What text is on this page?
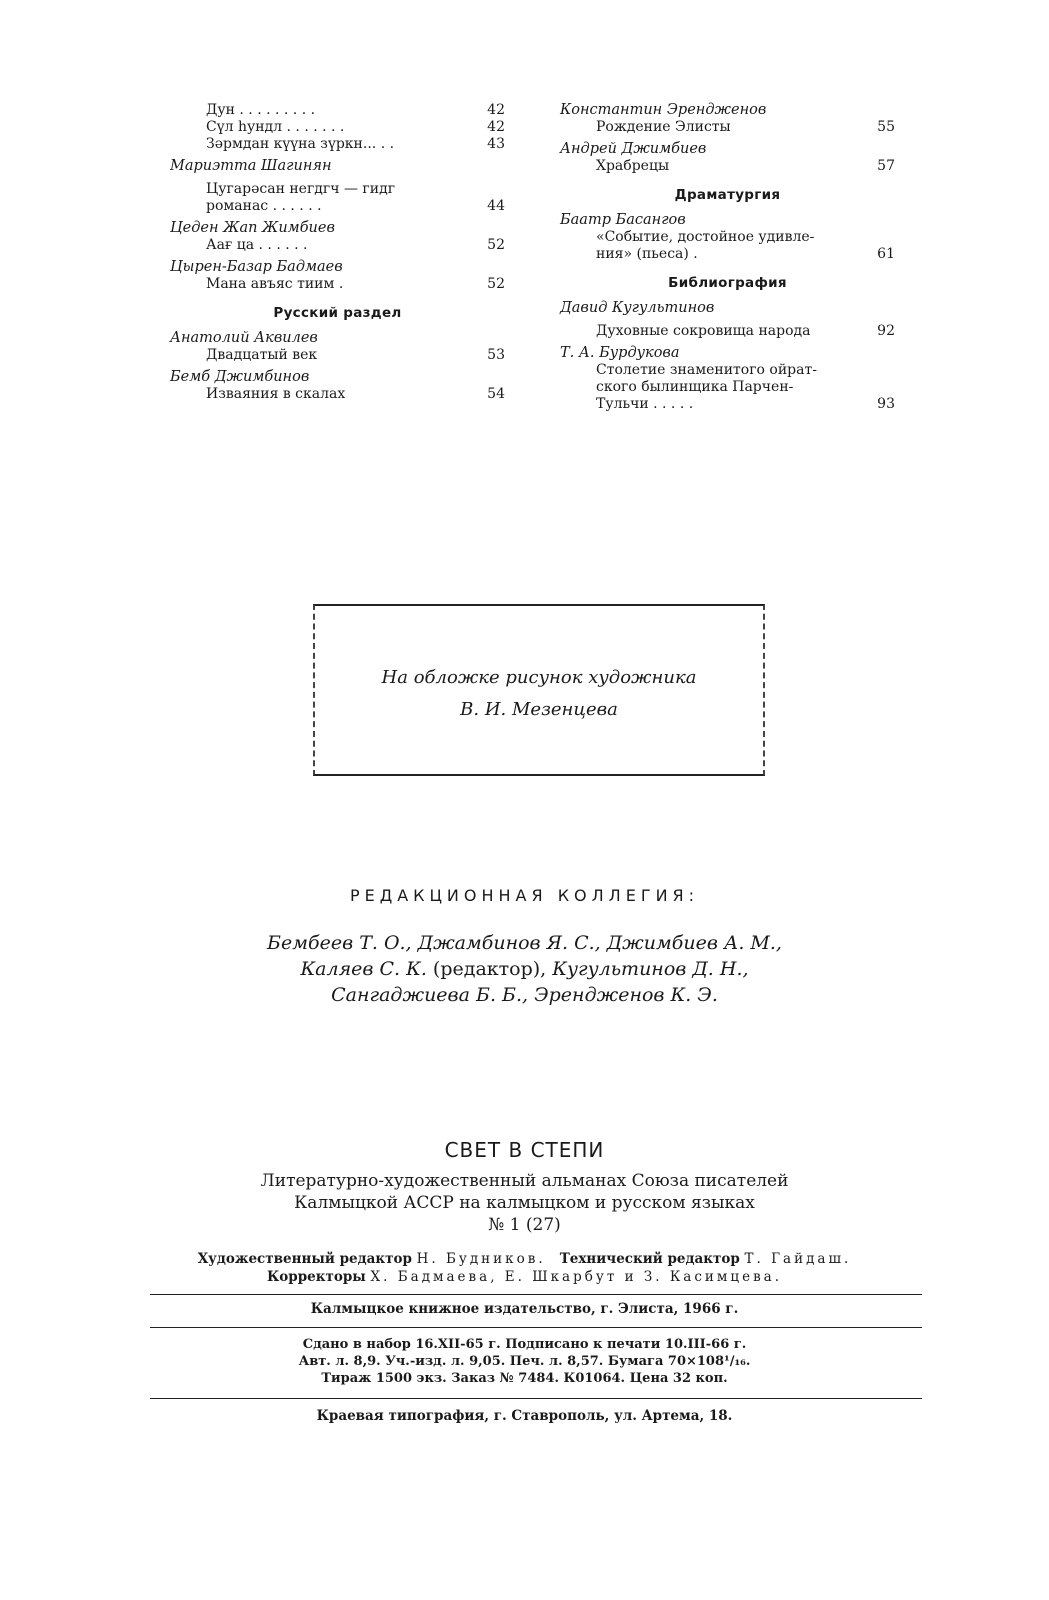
Дун . . . . . . . . .	42
Сүл һундл . . . . . . .	42
Зәрмдан күүна зүркн... . .	43
Мариэтта Шагинян
Цугарәсан негдгч — гидг
романас . . . . . .	44
Цеден Жап Жимбиев
Аағ ца . . . . . .	52
Цырен-Базар Бадмаев
Мана авъяс тиим .	52
Русский раздел
Анатолий Аквилев
Двадцатый век	53
Бемб Джимбинов
Изваяния в скалах	54
Константин Эрендженов
Рождение Элисты	55
Андрей Джимбиев
Храбрецы	57
Драматургия
Баатр Басангов
«Событие, достойное удивле-
ния» (пьеса) .	61
Библиография
Давид Кугультинов
Духовные сокровища народа	92
Т. А. Бурдукова
Столетие знаменитого ойрат-
ского былинщика Парчен-
Тульчи . . . . .	93
На обложке рисунок художника
В. И. Мезенцева
РЕДАКЦИОННАЯ КОЛЛЕГИЯ:
Бембеев Т. О., Джамбинов Я. С., Джимбиев А. М.,
Каляев С. К. (редактор), Кугультинов Д. Н.,
Сангаджиева Б. Б., Эрендженов К. Э.
СВЕТ В СТЕПИ
Литературно-художественный альманах Союза писателей
Калмыцкой АССР на калмыцком и русском языках
№ 1 (27)
Художественный редактор Н. Будников. Технический редактор Т. Гайдаш.
Корректоры Х. Бадмаева, Е. Шкарбут и З. Касимцева.
Калмыцкое книжное издательство, г. Элиста, 1966 г.
Сдано в набор 16.XII-65 г. Подписано к печати 10.III-66 г.
Авт. л. 8,9. Уч.-изд. л. 9,05. Печ. л. 8,57. Бумага 70×108¹/₁₆.
Тираж 1500 экз. Заказ № 7484. К01064. Цена 32 коп.
Краевая типография, г. Ставрополь, ул. Артема, 18.
